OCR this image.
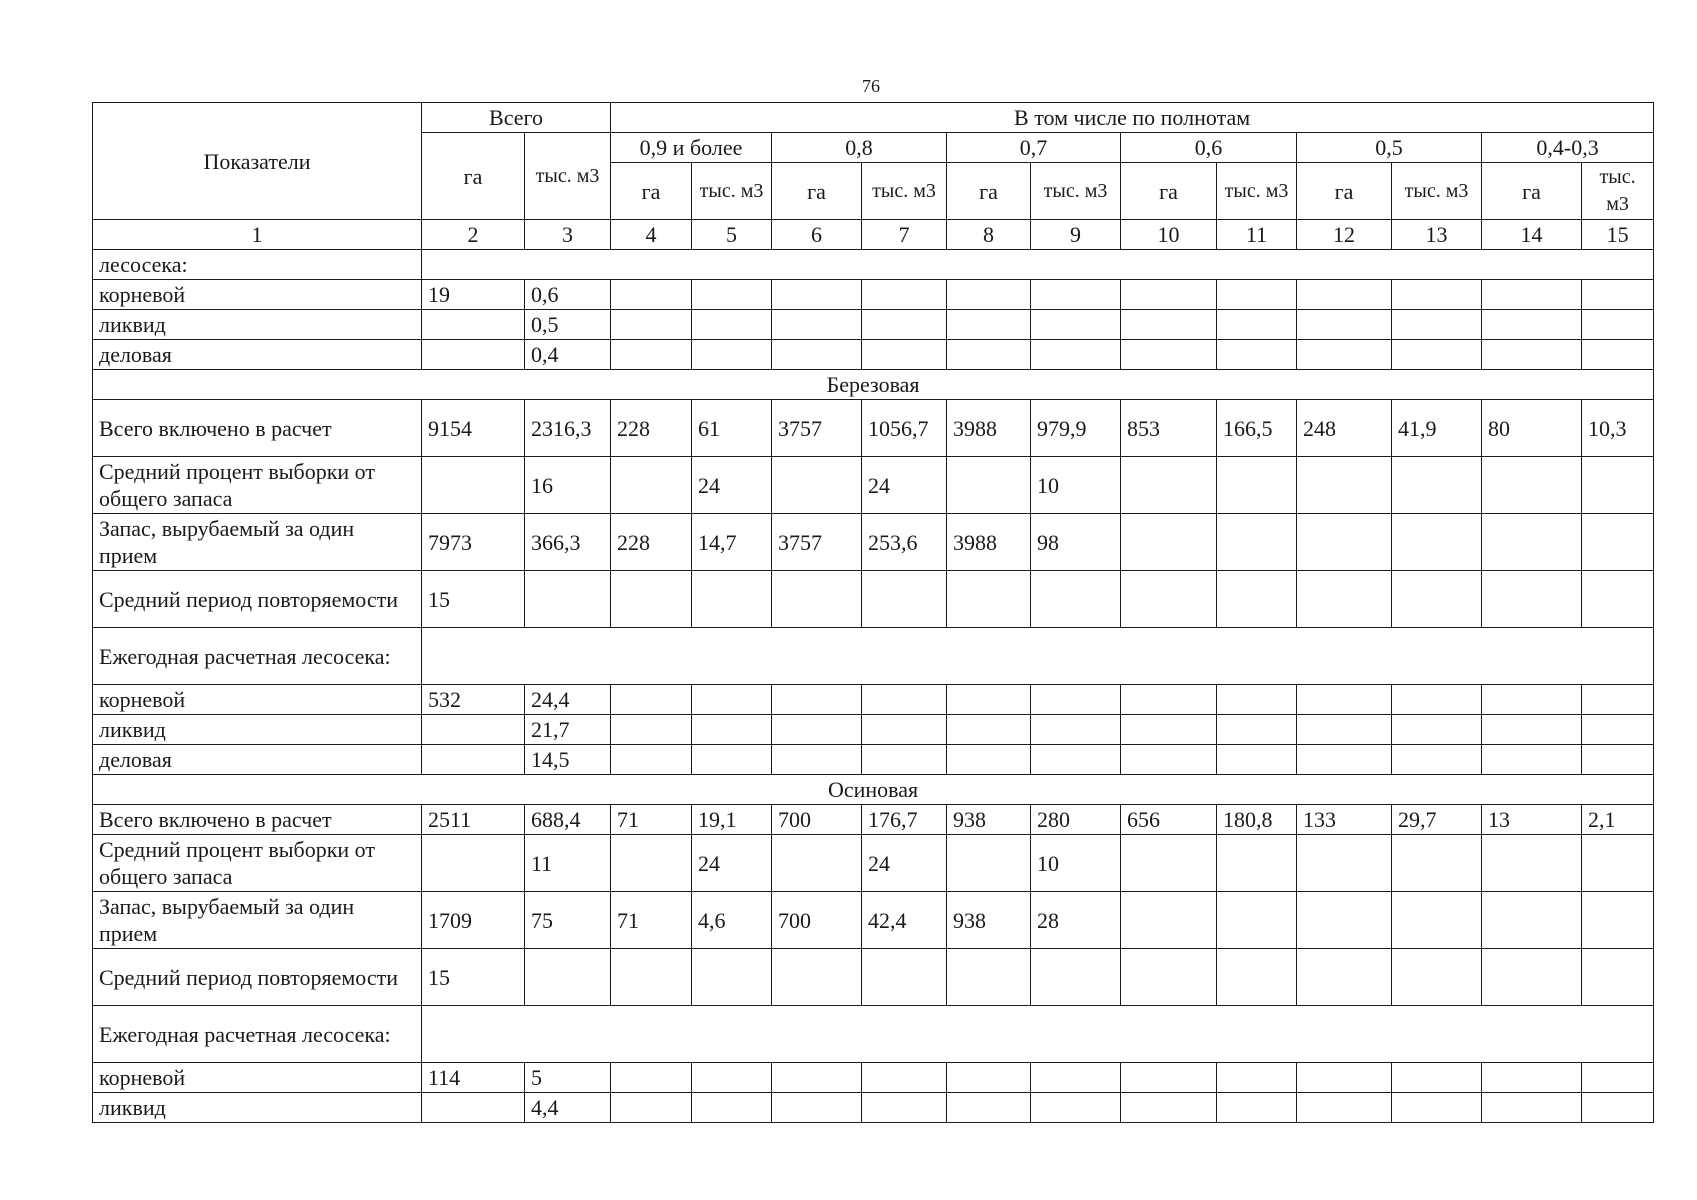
76
Показатели	Всего		В том числе по полнотам											
	га	тыс. м3	0,9 и более		0,8		0,7		0,6		0,5		0,4-0,3	
			га	тыс. м3	га	тыс. м3	га	тыс. м3	га	тыс. м3	га	тыс. м3	га	тыс. м3
1	2	3	4	5	6	7	8	9	10	11	12	13	14	15
лесосека:														
корневой	19	0,6												
ликвид		0,5												
деловая		0,4												
Березовая														
Всего включено в расчет	9154	2316,3	228	61	3757	1056,7	3988	979,9	853	166,5	248	41,9	80	10,3
Средний процент выборки от общего запаса		16		24		24		10						
Запас, вырубаемый за один прием	7973	366,3	228	14,7	3757	253,6	3988	98						
Средний период повторяемости	15													
Ежегодная расчетная лесосека:														
корневой	532	24,4												
ликвид		21,7												
деловая		14,5												
Осиновая														
Всего включено в расчет	2511	688,4	71	19,1	700	176,7	938	280	656	180,8	133	29,7	13	2,1
Средний процент выборки от общего запаса		11		24		24		10						
Запас, вырубаемый за один прием	1709	75	71	4,6	700	42,4	938	28						
Средний период повторяемости	15													
Ежегодная расчетная лесосека:														
корневой	114	5												
ликвид		4,4												
